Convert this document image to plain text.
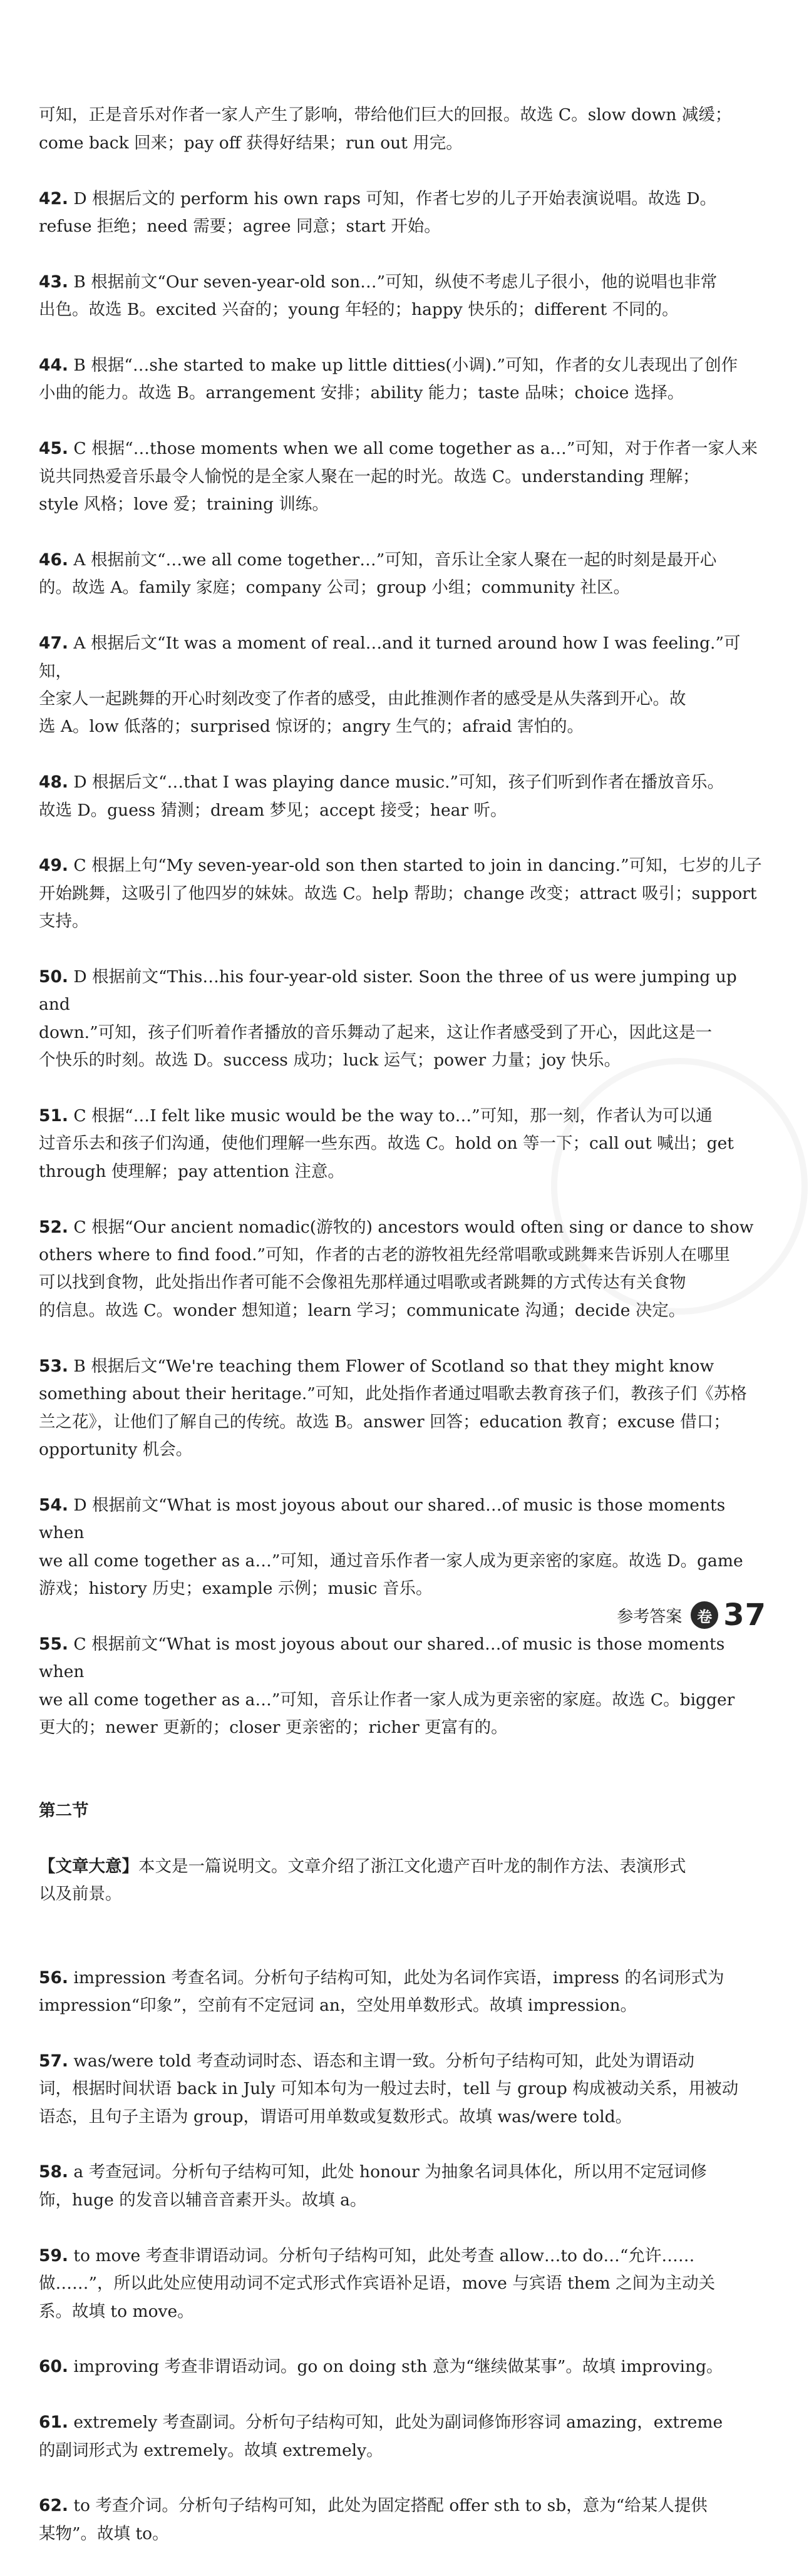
可知，正是音乐对作者一家人产生了影响，带给他们巨大的回报。故选 C。slow down 减缓；
come back 回来；pay off 获得好结果；run out 用完。

42. D 根据后文的 perform his own raps 可知，作者七岁的儿子开始表演说唱。故选 D。
refuse 拒绝；need 需要；agree 同意；start 开始。

43. B 根据前文“Our seven-year-old son…”可知，纵使不考虑儿子很小，他的说唱也非常
出色。故选 B。excited 兴奋的；young 年轻的；happy 快乐的；different 不同的。

44. B 根据“…she started to make up little ditties(小调).”可知，作者的女儿表现出了创作
小曲的能力。故选 B。arrangement 安排；ability 能力；taste 品味；choice 选择。

45. C 根据“…those moments when we all come together as a…”可知，对于作者一家人来
说共同热爱音乐最令人愉悦的是全家人聚在一起的时光。故选 C。understanding 理解；
style 风格；love 爱；training 训练。

46. A 根据前文“…we all come together…”可知，音乐让全家人聚在一起的时刻是最开心
的。故选 A。family 家庭；company 公司；group 小组；community 社区。

47. A 根据后文“It was a moment of real…and it turned around how I was feeling.”可知，
全家人一起跳舞的开心时刻改变了作者的感受，由此推测作者的感受是从失落到开心。故
选 A。low 低落的；surprised 惊讶的；angry 生气的；afraid 害怕的。

48. D 根据后文“…that I was playing dance music.”可知，孩子们听到作者在播放音乐。
故选 D。guess 猜测；dream 梦见；accept 接受；hear 听。

49. C 根据上句“My seven-year-old son then started to join in dancing.”可知，七岁的儿子
开始跳舞，这吸引了他四岁的妹妹。故选 C。help 帮助；change 改变；attract 吸引；support
支持。

50. D 根据前文“This…his four-year-old sister. Soon the three of us were jumping up and
down.”可知，孩子们听着作者播放的音乐舞动了起来，这让作者感受到了开心，因此这是一
个快乐的时刻。故选 D。success 成功；luck 运气；power 力量；joy 快乐。

51. C 根据“…I felt like music would be the way to…”可知，那一刻，作者认为可以通
过音乐去和孩子们沟通，使他们理解一些东西。故选 C。hold on 等一下；call out 喊出；get
through 使理解；pay attention 注意。

52. C 根据“Our ancient nomadic(游牧的) ancestors would often sing or dance to show
others where to find food.”可知，作者的古老的游牧祖先经常唱歌或跳舞来告诉别人在哪里
可以找到食物，此处指出作者可能不会像祖先那样通过唱歌或者跳舞的方式传达有关食物
的信息。故选 C。wonder 想知道；learn 学习；communicate 沟通；decide 决定。

53. B 根据后文“We're teaching them Flower of Scotland so that they might know
something about their heritage.”可知，此处指作者通过唱歌去教育孩子们，教孩子们《苏格
兰之花》，让他们了解自己的传统。故选 B。answer 回答；education 教育；excuse 借口；
opportunity 机会。

54. D 根据前文“What is most joyous about our shared…of music is those moments when
we all come together as a…”可知，通过音乐作者一家人成为更亲密的家庭。故选 D。game
游戏；history 历史；example 示例；music 音乐。

55. C 根据前文“What is most joyous about our shared…of music is those moments when
we all come together as a…”可知，音乐让作者一家人成为更亲密的家庭。故选 C。bigger
更大的；newer 更新的；closer 更亲密的；richer 更富有的。

第二节

【文章大意】本文是一篇说明文。文章介绍了浙江文化遗产百叶龙的制作方法、表演形式
以及前景。

56. impression 考查名词。分析句子结构可知，此处为名词作宾语，impress 的名词形式为
impression“印象”，空前有不定冠词 an，空处用单数形式。故填 impression。

57. was/were told 考查动词时态、语态和主谓一致。分析句子结构可知，此处为谓语动
词，根据时间状语 back in July 可知本句为一般过去时，tell 与 group 构成被动关系，用被动
语态，且句子主语为 group，谓语可用单数或复数形式。故填 was/were told。

58. a 考查冠词。分析句子结构可知，此处 honour 为抽象名词具体化，所以用不定冠词修
饰，huge 的发音以辅音音素开头。故填 a。

59. to move 考查非谓语动词。分析句子结构可知，此处考查 allow…to do…“允许……
做……”，所以此处应使用动词不定式形式作宾语补足语，move 与宾语 them 之间为主动关
系。故填 to move。

60. improving 考查非谓语动词。go on doing sth 意为“继续做某事”。故填 improving。

61. extremely 考查副词。分析句子结构可知，此处为副词修饰形容词 amazing，extreme
的副词形式为 extremely。故填 extremely。

62. to 考查介词。分析句子结构可知，此处为固定搭配 offer sth to sb，意为“给某人提供
某物”。故填 to。

参考答案	卷 37
